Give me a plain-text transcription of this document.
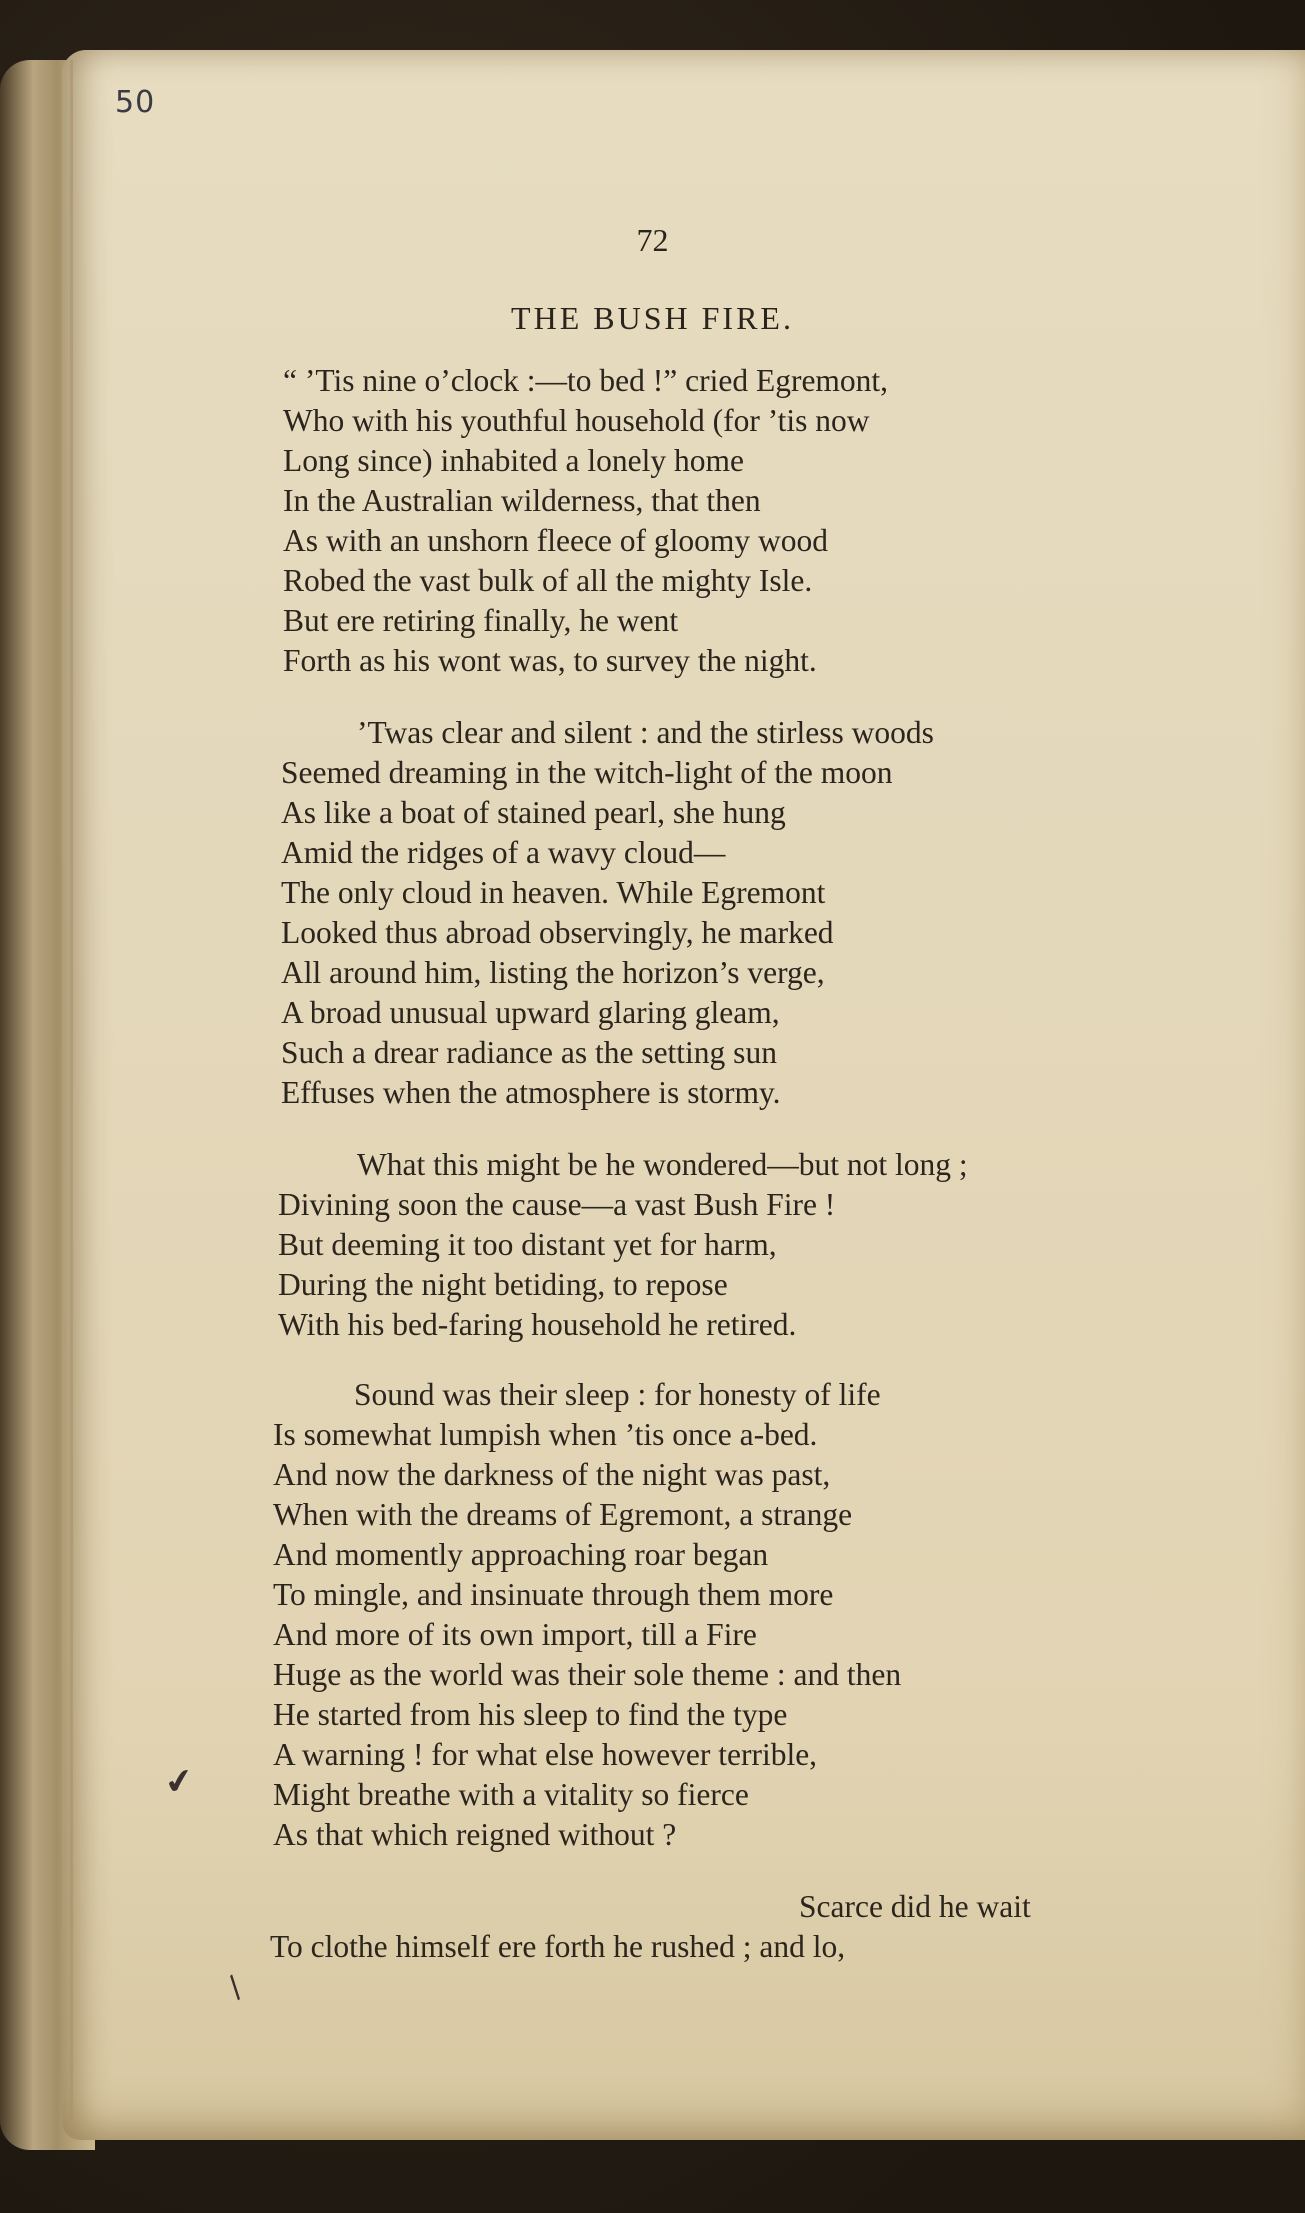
50
72
THE BUSH FIRE.
“ ’Tis nine o’clock :—to bed !” cried Egremont,
Who with his youthful household (for ’tis now
Long since) inhabited a lonely home
In the Australian wilderness, that then
As with an unshorn fleece of gloomy wood
Robed the vast bulk of all the mighty Isle.
But ere retiring finally, he went
Forth as his wont was, to survey the night.
’Twas clear and silent : and the stirless woods
Seemed dreaming in the witch-light of the moon
As like a boat of stained pearl, she hung
Amid the ridges of a wavy cloud—
The only cloud in heaven. While Egremont
Looked thus abroad observingly, he marked
All around him, listing the horizon’s verge,
A broad unusual upward glaring gleam,
Such a drear radiance as the setting sun
Effuses when the atmosphere is stormy.
What this might be he wondered—but not long ;
Divining soon the cause—a vast Bush Fire !
But deeming it too distant yet for harm,
During the night betiding, to repose
With his bed-faring household he retired.
Sound was their sleep : for honesty of life
Is somewhat lumpish when ’tis once a-bed.
And now the darkness of the night was past,
When with the dreams of Egremont, a strange
And momently approaching roar began
To mingle, and insinuate through them more
And more of its own import, till a Fire
Huge as the world was their sole theme : and then
He started from his sleep to find the type
A warning ! for what else however terrible,
Might breathe with a vitality so fierce
As that which reigned without ?
Scarce did he wait
To clothe himself ere forth he rushed ; and lo,
✔
/
